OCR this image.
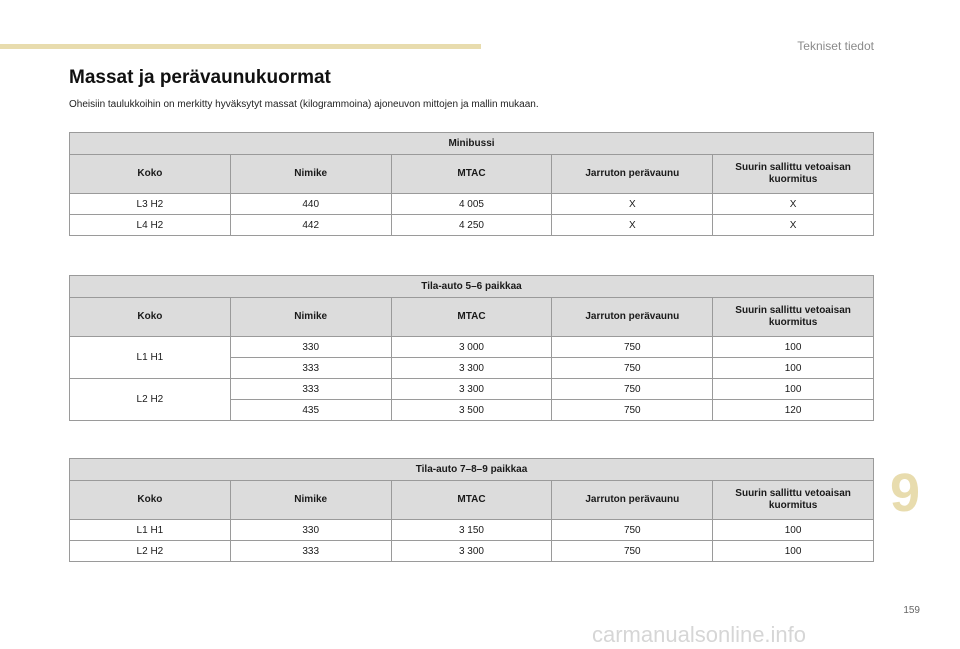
Tekniset tiedot
Massat ja perävaunukuormat

Oheisiin taulukkoihin on merkitty hyväksytyt massat (kilogrammoina) ajoneuvon mittojen ja mallin mukaan.

Minibussi				
Koko	Nimike	MTAC	Jarruton perävaunu	Suurin sallittu vetoaisan kuormitus
L3 H2	440	4 005	X	X
L4 H2	442	4 250	X	X
Tila-auto 5–6 paikkaa				
Koko	Nimike	MTAC	Jarruton perävaunu	Suurin sallittu vetoaisan kuormitus
L1 H1	330	3 000	750	100
	333	3 300	750	100
L2 H2	333	3 300	750	100
	435	3 500	750	120
Tila-auto 7–8–9 paikkaa				
Koko	Nimike	MTAC	Jarruton perävaunu	Suurin sallittu vetoaisan kuormitus
L1 H1	330	3 150	750	100
L2 H2	333	3 300	750	100
9
159
carmanualsonline.info
